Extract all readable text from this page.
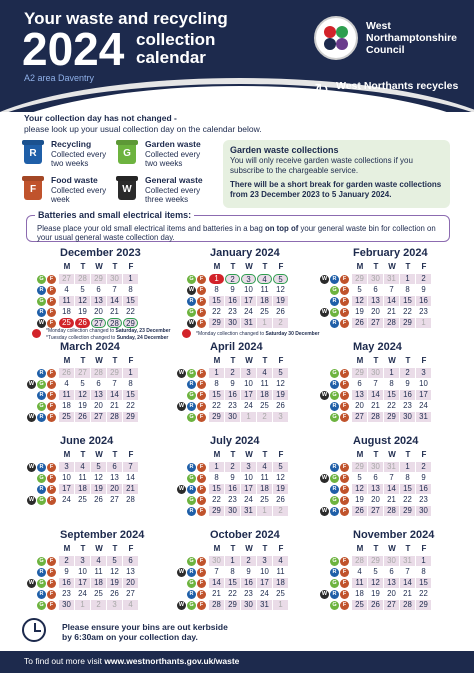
Your waste and recycling
2024 collection calendar
A2 area Daventry
West Northamptonshire Council
↻ West Northants recycles
Your collection day has not changed -
please look up your usual collection day on the calendar below.
R
Recycling
Collected every two weeks
G
Garden waste
Collected every two weeks
F
Food waste
Collected every week
W
General waste
Collected every three weeks
Garden waste collections
You will only receive garden waste collections if you subscribe to the chargeable service.
There will be a short break for garden waste collections from 23 December 2023 to 5 January 2024.
Batteries and small electrical items:
Please place your old small electrical items and batteries in a bag on top of your general waste bin for collection on your usual general waste collection day.
December 2023
M	T	W	T	F
G	F	27 28 29 30	1
R	F	4	5	6	7	8
G	F	11 12 13 14 15
R	F	18 19 20 21 22
W	F	25 26 27 28 29
*Monday collection changed to Saturday, 23 December
*Tuesday collection changed to Sunday, 24 December
January 2024
M	T	W	T	F
G	F	1	2	3	4	5
W	F	8	9	10 11 12
R	F	15 16 17 18 19
G	F	22 23 24 25 26
W	F	29 30 31	1	2
*Monday collection changed to Saturday 30 December
February 2024
M	T	W	T	F
W R	F	29 30 31	1	2
G	F	5	6	7	8	9
R	F	12 13 14 15 16
W G	F	19 20 21 22 23
R	F	26 27 28 29	1
March 2024
M	T	W	T	F
R	F	26 27 28 29	1
W G	F	4	5	6	7	8
R	F	11 12 13 14 15
G	F	18 19 20 21 22
W R	F	25 26 27 28 29
April 2024
M	T	W	T	F
W G	F	1	2	3	4	5
R	F	8	9	10 11 12
G	F	15 16 17 18 19
W R	F	22 23 24 25 26
G	F	29 30	1	2	3
May 2024
M	T	W	T	F
G	F	29 30	1	2	3
R	F	6	7	8	9	10
W G	F	13 14 15 16 17
R	F	20 21 22 23 24
G	F	27 28 29 30 31
June 2024
M	T	W	T	F
W R	F	3	4	5	6	7
G	F	10 11 12 13 14
R	F	17 18 19 20 21
W G	F	24 25 26 27 28
July 2024
M	T	W	T	F
R	F	1	2	3	4	5
G	F	8	9	10 11 12
W R	F	15 16 17 18 19
G	F	22 23 24 25 26
R	F	29 30 31	1	2
August 2024
M	T	W	T	F
R	F	29 30 31	1	2
W G	F	5	6	7	8	9
R	F	12 13 14 15 16
G	F	19 20 21 22 23
W R	F	26 27 28 29 30
September 2024
M	T	W	T	F
G	F	2	3	4	5	6
R	F	9	10 11 12 13
W G	F	16 17 18 19 20
R	F	23 24 25 26 27
G	F	30	1	2	3	4
October 2024
M	T	W	T	F
G	F	30	1	2	3	4
W R	F	7	8	9	10 11
G	F	14 15 16 17 18
R	F	21 22 23 24 25
W G	F	28 29 30 31	1
November 2024
M	T	W	T	F
G	F	28 29 30 31	1
R	F	4	5	6	7	8
G	F	11 12 13 14 15
W R	F	18 19 20 21 22
G	F	25 26 27 28 29
Please ensure your bins are out kerbside
by 6:30am on your collection day.
To find out more visit www.westnorthants.gov.uk/waste
